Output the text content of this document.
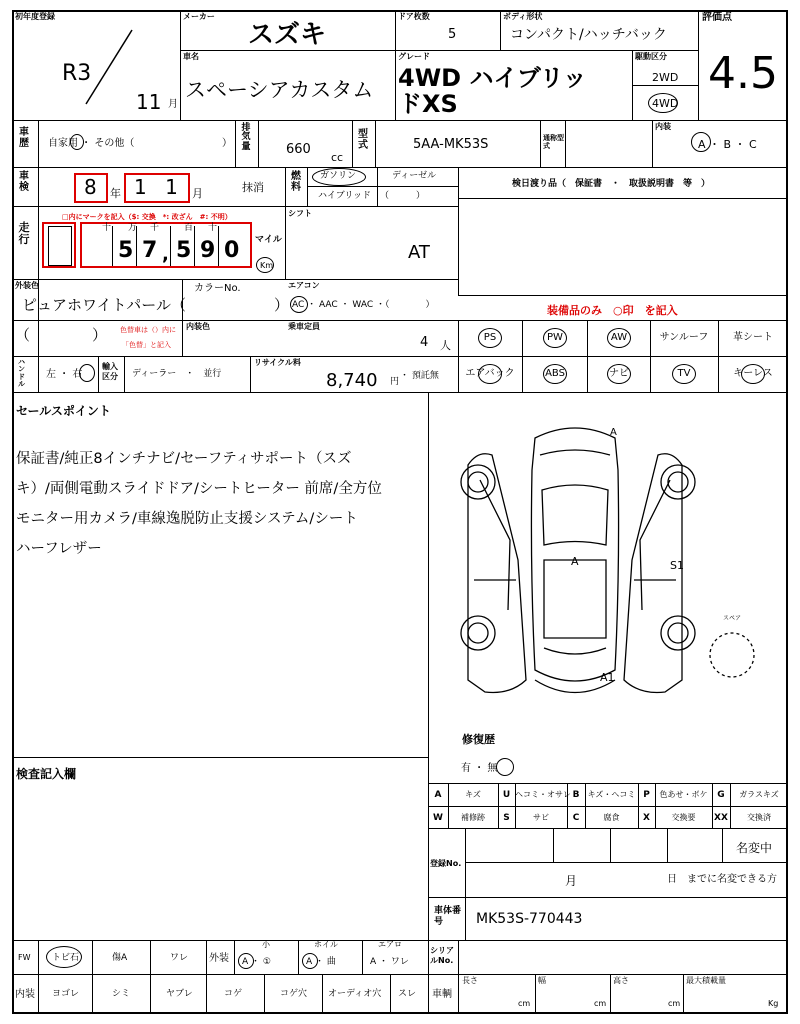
初年度登録
R3
11 月
メーカー
スズキ
ドア枚数
5
ボディ形状
コンパクト/ハッチバック
評価点
4.5
車名
スペーシアカスタム
グレード
4WD ハイブリッ
ドXS
駆動区分
2WD
4WD
車歴 自家用 ・ その他（	）
排気量	660
cc
型式	5AA-MK53S	通称型式
内装
A ・ B ・ C
車検	8 年 1 1 月	抹消
燃料
ガソリン	ディーゼル
ハイブリッド （　　　）
検日渡り品（　保証書　・　取扱説明書　等　）
走行
□内にマークを記入（$: 交換　*: 改ざん　#: 不明）
十 万 千	百 十
5 7 5 9 0
,
マイル
Km
シフト
AT
外装色
ピュアホワイトパール（	）
カラーNo.	エアコン
AC ・ AAC ・ WAC ・（　　　　）	装備品のみ　○印　を記入
（	） 色替車は（）内に
「色替」と記入
内装色	乗車定員
4 人
PS	PW	AW	サンルーフ	革シート
エアバック	ABS	ナビ	TV	キーレス
ハンドル
左 ・ 右
輸入区分	ディーラー　・　並行
リサイクル料
8,740 円
・ 預託無
セールスポイント
保証書/純正8インチナビ/セーフティサポート（スズ
キ）/両側電動スライドドア/シートヒーター 前席/全方位
モニター用カメラ/車線逸脱防止支援システム/シート
ハーフレザー
検査記入欄
A
A	S1
A1
スペア
修復歴
有 ・ 無
A	キズ	U ヘコミ・オサレ B	キズ・ヘコミ P	色あせ・ボケ	G	ガラスキズ
W	補修跡	S	サビ	C	腐食	X	交換要	XX	交換済
登録No.
名変中
月	日　までに名変できる方
車体番号	MK53S-770443
FW トビ石	傷A	ワレ 外装
小
A ・ ①
ホイル
A ・ 曲
エアロ
A ・ ワレ
シリアルNo.
内装 ヨゴレ	シミ	ヤブレ	コゲ	コゲ穴 オーディオ穴 スレ 車輌
長さ
cm
幅
cm
高さ
cm
最大積載量
Kg
